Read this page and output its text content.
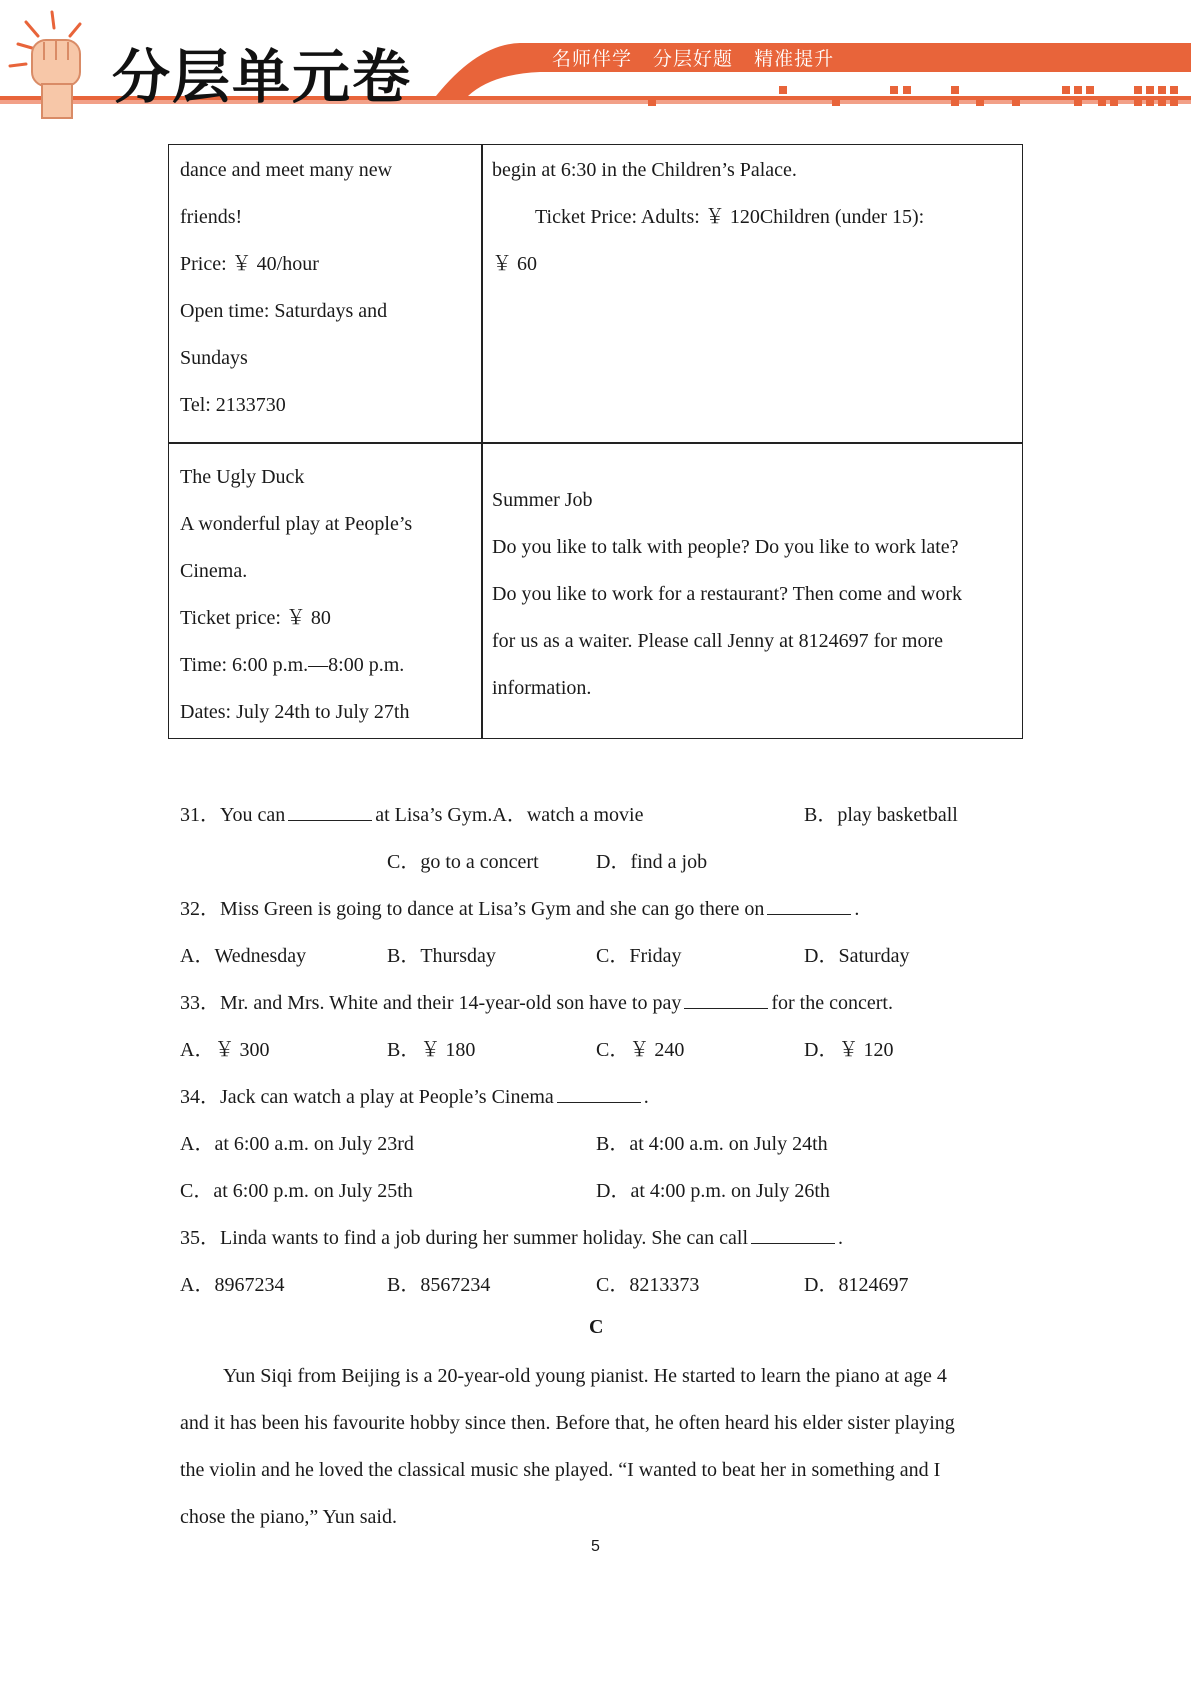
分层单元卷	名师伴学 分层好题 精准提升

dance and meet many new

friends!

Price: ￥ 40/hour

Open time: Saturdays and

Sundays

Tel: 2133730

begin at 6:30 in the Children’s Palace.

Ticket Price: Adults: ￥ 120Children (under 15):

￥ 60

The Ugly Duck

A wonderful play at People’s

Cinema.

Ticket price: ￥ 80

Time: 6:00 p.m.—8:00 p.m.

Dates: July 24th to July 27th

Summer Job

Do you like to talk with people? Do you like to work late?

Do you like to work for a restaurant? Then come and work

for us as a waiter. Please call Jenny at 8124697 for more

information.

31．You can	at Lisa’s Gym.A．watch a movie	B．play basketball
C．go to a concert	D．find a job
32．Miss Green is going to dance at Lisa’s Gym and she can go there on	.
A．Wednesday	B．Thursday	C．Friday	D．Saturday
33．Mr. and Mrs. White and their 14-year-old son have to pay	for the concert.
A．￥ 300	B．￥ 180	C．￥ 240	D．￥ 120
34．Jack can watch a play at People’s Cinema	.
A．at 6:00 a.m. on July 23rd	B．at 4:00 a.m. on July 24th
C．at 6:00 p.m. on July 25th	D．at 4:00 p.m. on July 26th
35．Linda wants to find a job during her summer holiday. She can call	.
A．8967234	B．8567234	C．8213373	D．8124697
C

Yun Siqi from Beijing is a 20-year-old young pianist. He started to learn the piano at age 4

and it has been his favourite hobby since then. Before that, he often heard his elder sister playing

the violin and he loved the classical music she played. “I wanted to beat her in something and I

chose the piano,” Yun said.

5
